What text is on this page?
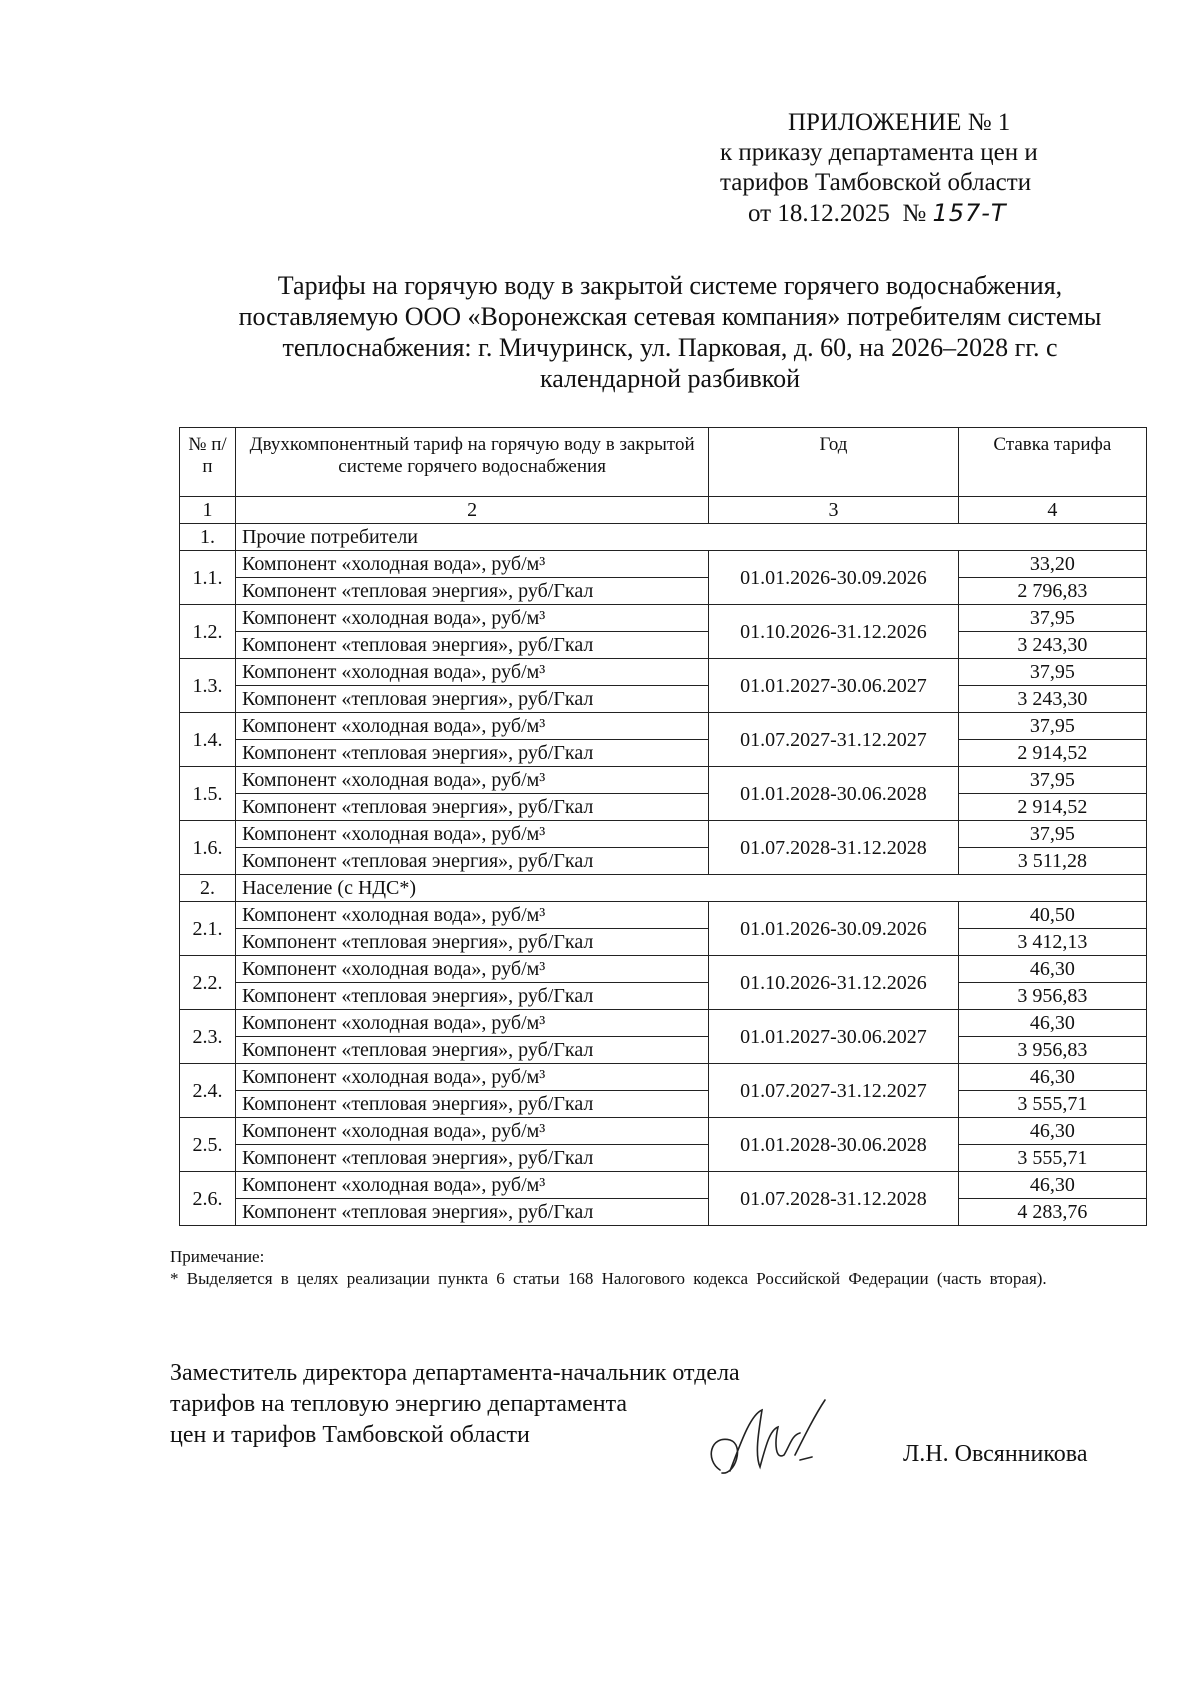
ПРИЛОЖЕНИЕ № 1
к приказу департамента цен и
тарифов Тамбовской области
от 18.12.2025  № 157-Т
Тарифы на горячую воду в закрытой системе горячего водоснабжения,
поставляемую ООО «Воронежская сетевая компания» потребителям системы
теплоснабжения: г. Мичуринск, ул. Парковая, д. 60, на 2026–2028 гг. с
календарной разбивкой
№ п/п	Двухкомпонентный тариф на горячую воду в закрытой системе горячего водоснабжения	Год	Ставка тарифа
1	2	3	4
1.	Прочие потребители		
1.1.	Компонент «холодная вода», руб/м³	01.01.2026-30.09.2026	33,20
	Компонент «тепловая энергия», руб/Гкал		2 796,83
1.2.	Компонент «холодная вода», руб/м³	01.10.2026-31.12.2026	37,95
	Компонент «тепловая энергия», руб/Гкал		3 243,30
1.3.	Компонент «холодная вода», руб/м³	01.01.2027-30.06.2027	37,95
	Компонент «тепловая энергия», руб/Гкал		3 243,30
1.4.	Компонент «холодная вода», руб/м³	01.07.2027-31.12.2027	37,95
	Компонент «тепловая энергия», руб/Гкал		2 914,52
1.5.	Компонент «холодная вода», руб/м³	01.01.2028-30.06.2028	37,95
	Компонент «тепловая энергия», руб/Гкал		2 914,52
1.6.	Компонент «холодная вода», руб/м³	01.07.2028-31.12.2028	37,95
	Компонент «тепловая энергия», руб/Гкал		3 511,28
2.	Население (с НДС*)		
2.1.	Компонент «холодная вода», руб/м³	01.01.2026-30.09.2026	40,50
	Компонент «тепловая энергия», руб/Гкал		3 412,13
2.2.	Компонент «холодная вода», руб/м³	01.10.2026-31.12.2026	46,30
	Компонент «тепловая энергия», руб/Гкал		3 956,83
2.3.	Компонент «холодная вода», руб/м³	01.01.2027-30.06.2027	46,30
	Компонент «тепловая энергия», руб/Гкал		3 956,83
2.4.	Компонент «холодная вода», руб/м³	01.07.2027-31.12.2027	46,30
	Компонент «тепловая энергия», руб/Гкал		3 555,71
2.5.	Компонент «холодная вода», руб/м³	01.01.2028-30.06.2028	46,30
	Компонент «тепловая энергия», руб/Гкал		3 555,71
2.6.	Компонент «холодная вода», руб/м³	01.07.2028-31.12.2028	46,30
	Компонент «тепловая энергия», руб/Гкал		4 283,76
Примечание:
* Выделяется в целях реализации пункта 6 статьи 168 Налогового кодекса Российской Федерации (часть вторая).
Заместитель директора департамента-начальник отдела
тарифов на тепловую энергию департамента
цен и тарифов Тамбовской области
Л.Н. Овсянникова
